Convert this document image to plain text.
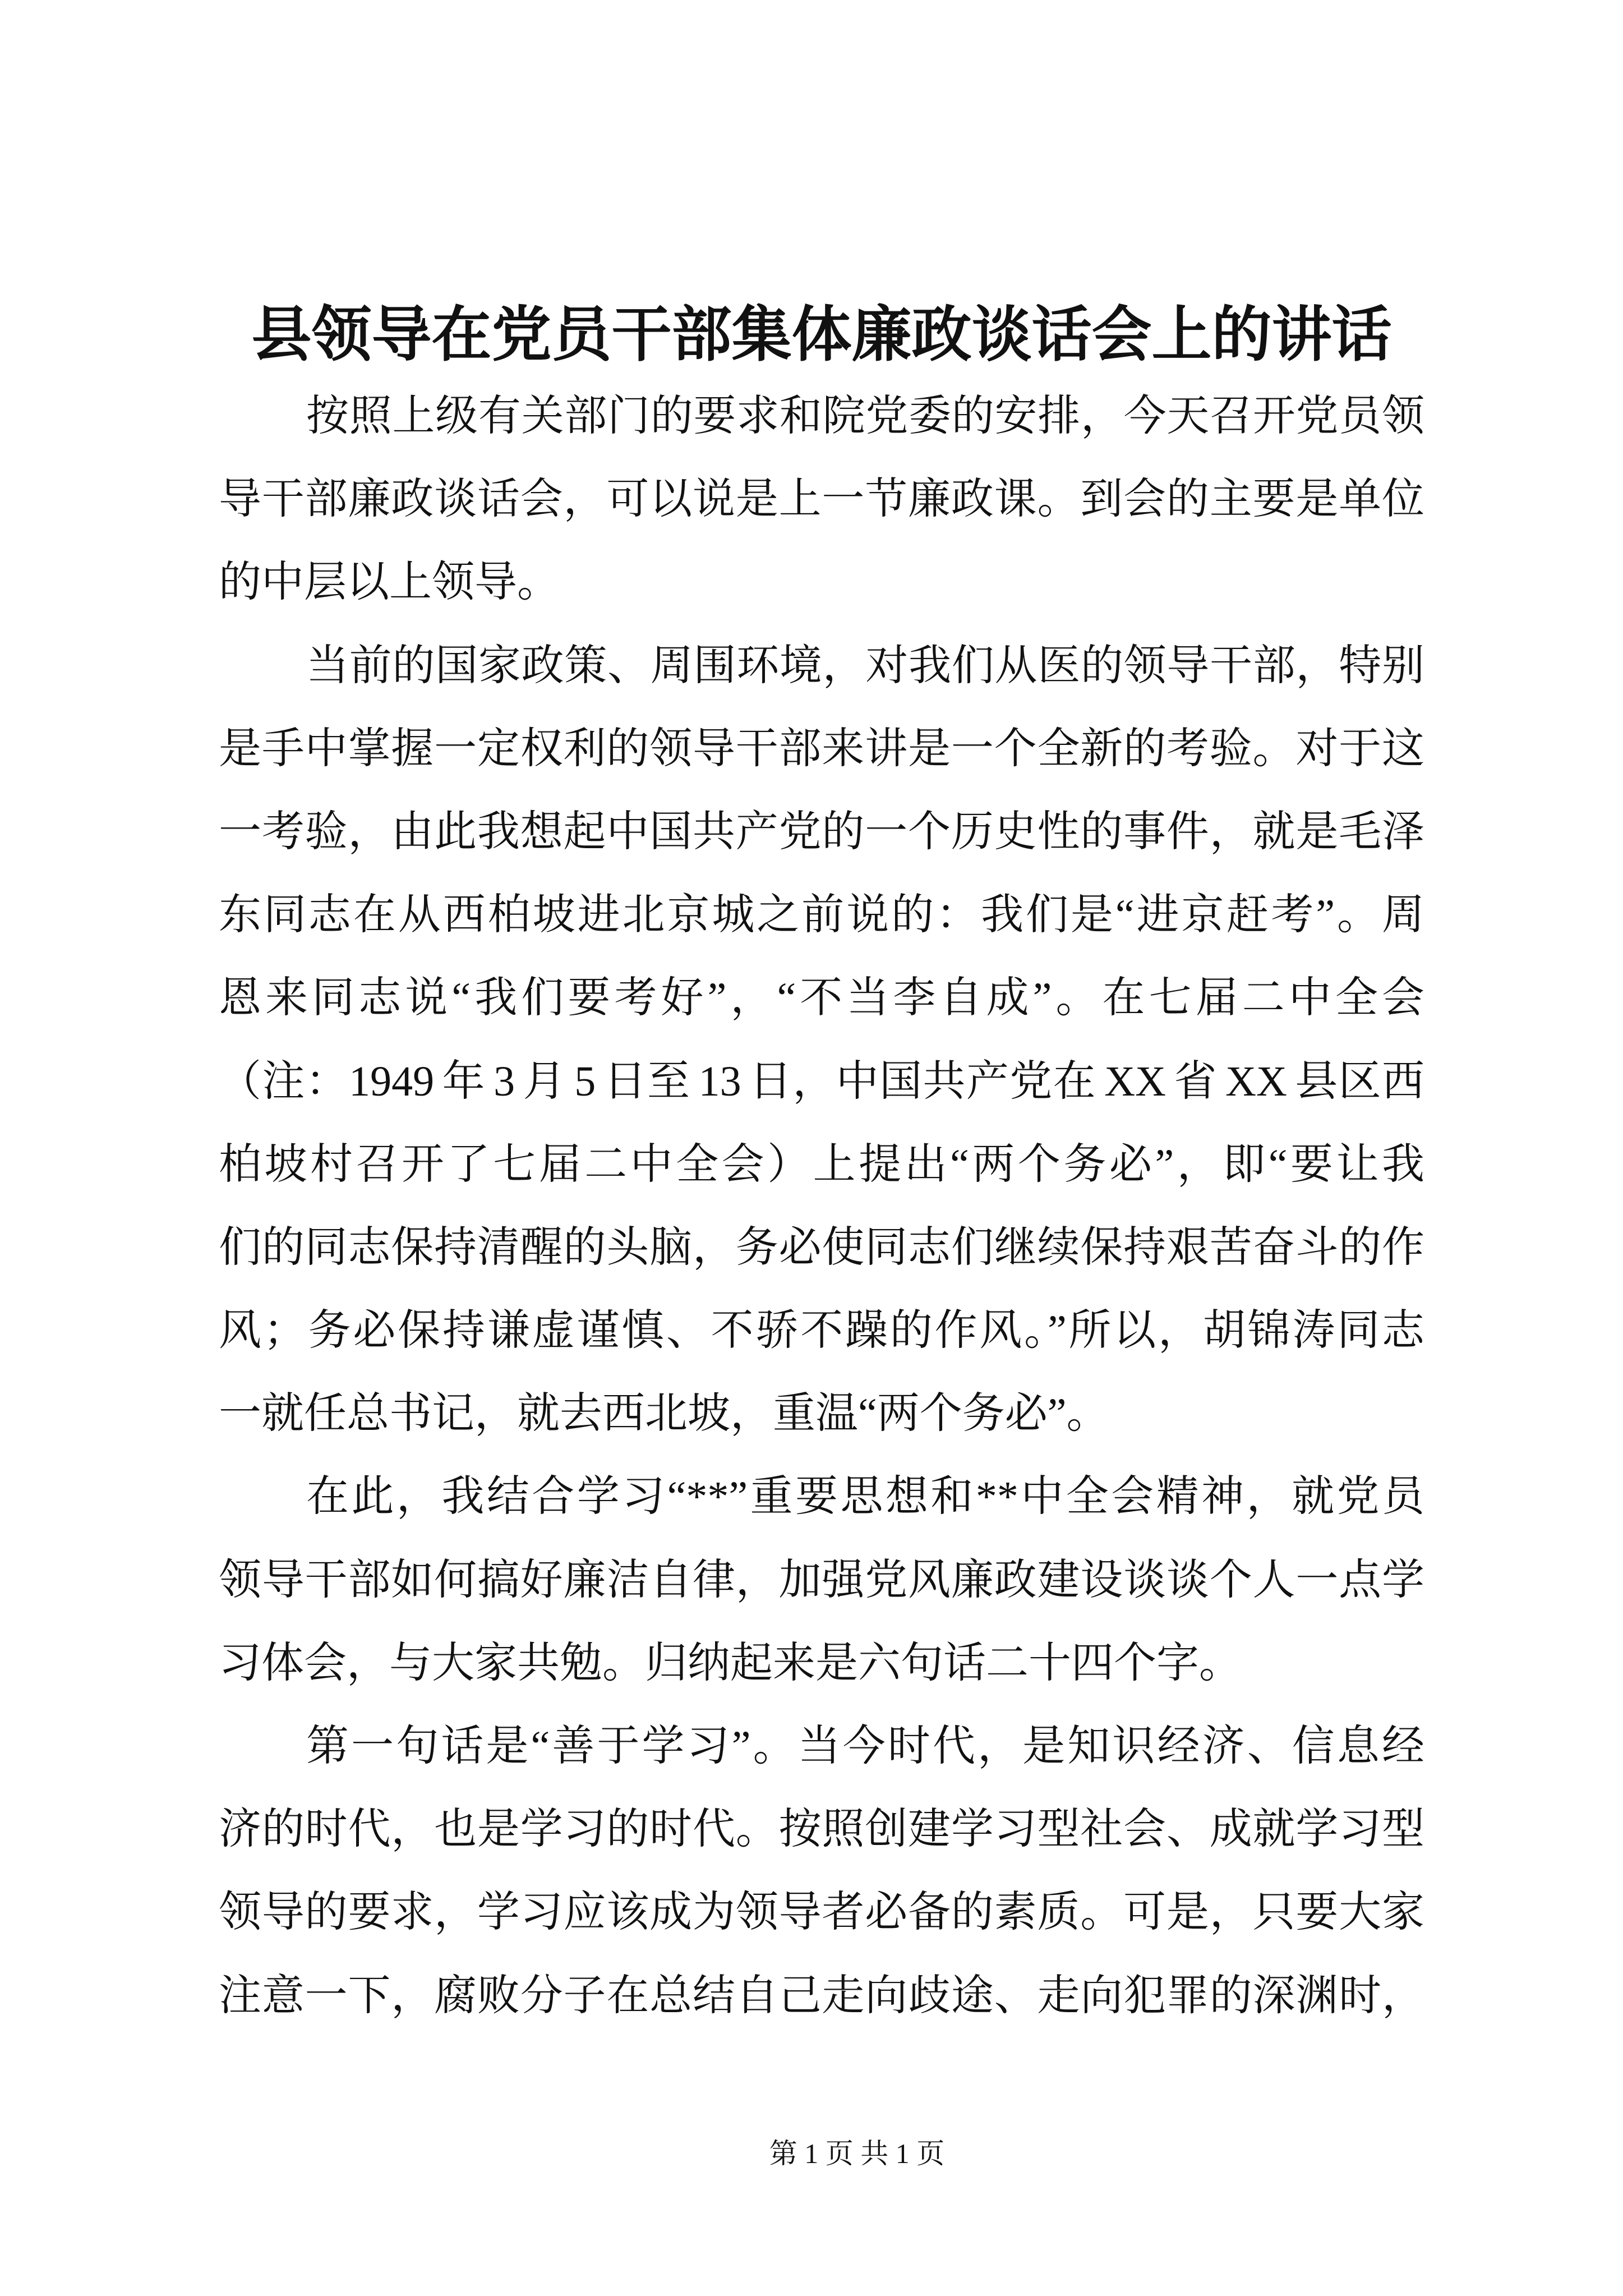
县领导在党员干部集体廉政谈话会上的讲话
按照上级有关部门的要求和院党委的安排，今天召开党员领
导干部廉政谈话会，可以说是上一节廉政课。到会的主要是单位
的中层以上领导。
当前的国家政策、周围环境，对我们从医的领导干部，特别
是手中掌握一定权利的领导干部来讲是一个全新的考验。对于这
一考验，由此我想起中国共产党的一个历史性的事件，就是毛泽
东同志在从西柏坡进北京城之前说的：我们是“进京赶考”。周
恩来同志说“我们要考好”，“不当李自成”。在七届二中全会
（注：1949 年 3 月 5 日至 13 日，中国共产党在 XX 省 XX 县区西
柏坡村召开了七届二中全会）上提出“两个务必”，即“要让我
们的同志保持清醒的头脑，务必使同志们继续保持艰苦奋斗的作
风；务必保持谦虚谨慎、不骄不躁的作风。”所以，胡锦涛同志
一就任总书记，就去西北坡，重温“两个务必”。
在此，我结合学习“**”重要思想和**中全会精神，就党员
领导干部如何搞好廉洁自律，加强党风廉政建设谈谈个人一点学
习体会，与大家共勉。归纳起来是六句话二十四个字。
第一句话是“善于学习”。当今时代，是知识经济、信息经
济的时代，也是学习的时代。按照创建学习型社会、成就学习型
领导的要求，学习应该成为领导者必备的素质。可是，只要大家
注意一下，腐败分子在总结自己走向歧途、走向犯罪的深渊时，
第 1 页 共 1 页
